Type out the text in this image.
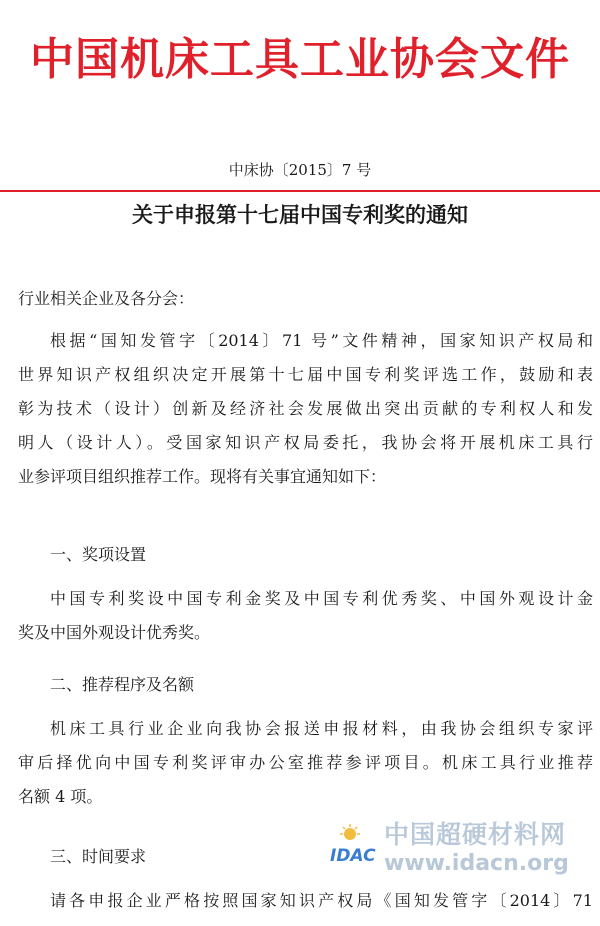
中国机床工具工业协会文件
中床协〔2015〕7 号
关于申报第十七届中国专利奖的通知
行业相关企业及各分会：
根据“国知发管字〔2014〕71 号”文件精神，国家知识产权局和
世界知识产权组织决定开展第十七届中国专利奖评选工作，鼓励和表
彰为技术（设计）创新及经济社会发展做出突出贡献的专利权人和发
明人（设计人）。受国家知识产权局委托，我协会将开展机床工具行
业参评项目组织推荐工作。现将有关事宜通知如下：
一、奖项设置
中国专利奖设中国专利金奖及中国专利优秀奖、中国外观设计金
奖及中国外观设计优秀奖。
二、推荐程序及名额
机床工具行业企业向我协会报送申报材料，由我协会组织专家评
审后择优向中国专利奖评审办公室推荐参评项目。机床工具行业推荐
名额 4 项。
三、时间要求
请各申报企业严格按照国家知识产权局《国知发管字〔2014〕71
IDAC
中国超硬材料网
www.idacn.org
